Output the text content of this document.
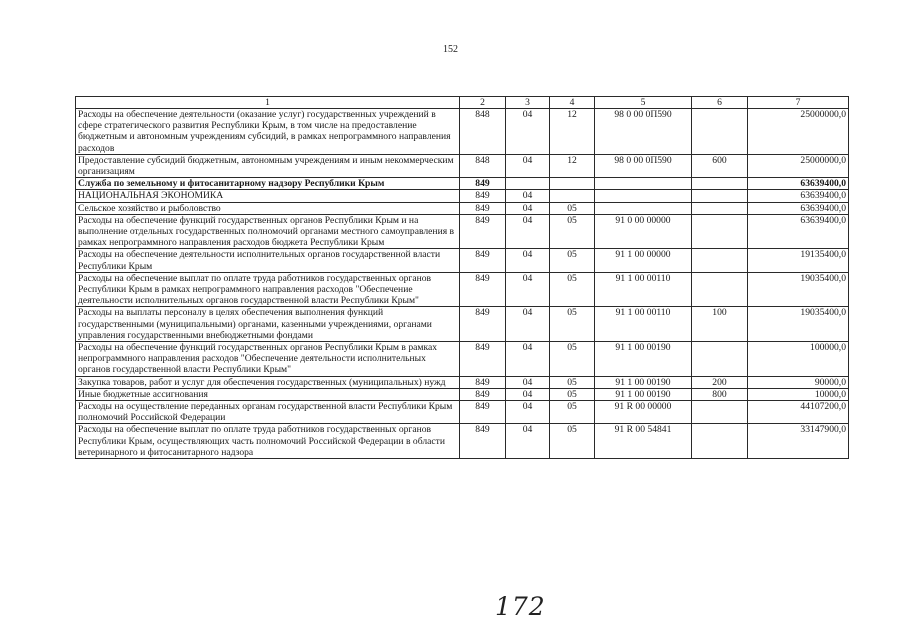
152
1	2	3	4	5	6	7
Расходы на обеспечение деятельности (оказание услуг) государственных учреждений в сфере стратегического развития Республики Крым, в том числе на предоставление бюджетным и автономным учреждениям субсидий, в рамках непрограммного направления расходов	848	04	12	98 0 00 0П590		25000000,0
Предоставление субсидий бюджетным, автономным учреждениям и иным некоммерческим организациям	848	04	12	98 0 00 0П590	600	25000000,0
Служба по земельному и фитосанитарному надзору Республики Крым	849					63639400,0
НАЦИОНАЛЬНАЯ ЭКОНОМИКА	849	04				63639400,0
Сельское хозяйство и рыболовство	849	04	05			63639400,0
Расходы на обеспечение функций государственных органов Республики Крым и на выполнение отдельных государственных полномочий органами местного самоуправления в рамках непрограммного направления расходов бюджета Республики Крым	849	04	05	91 0 00 00000		63639400,0
Расходы на обеспечение деятельности исполнительных органов государственной власти Республики Крым	849	04	05	91 1 00 00000		19135400,0
Расходы на обеспечение выплат по оплате труда работников государственных органов Республики Крым в рамках непрограммного направления расходов "Обеспечение деятельности исполнительных органов государственной власти Республики Крым"	849	04	05	91 1 00 00110		19035400,0
Расходы на выплаты персоналу в целях обеспечения выполнения функций государственными (муниципальными) органами, казенными учреждениями, органами управления государственными внебюджетными фондами	849	04	05	91 1 00 00110	100	19035400,0
Расходы на обеспечение функций государственных органов Республики Крым в рамках непрограммного направления расходов "Обеспечение деятельности исполнительных органов государственной власти Республики Крым"	849	04	05	91 1 00 00190		100000,0
Закупка товаров, работ и услуг для обеспечения государственных (муниципальных) нужд	849	04	05	91 1 00 00190	200	90000,0
Иные бюджетные ассигнования	849	04	05	91 1 00 00190	800	10000,0
Расходы на осуществление переданных органам государственной власти Республики Крым полномочий Российской Федерации	849	04	05	91 R 00 00000		44107200,0
Расходы на обеспечение выплат по оплате труда работников государственных органов Республики Крым, осуществляющих часть полномочий Российской Федерации в области ветеринарного и фитосанитарного надзора	849	04	05	91 R 00 54841		33147900,0
172
